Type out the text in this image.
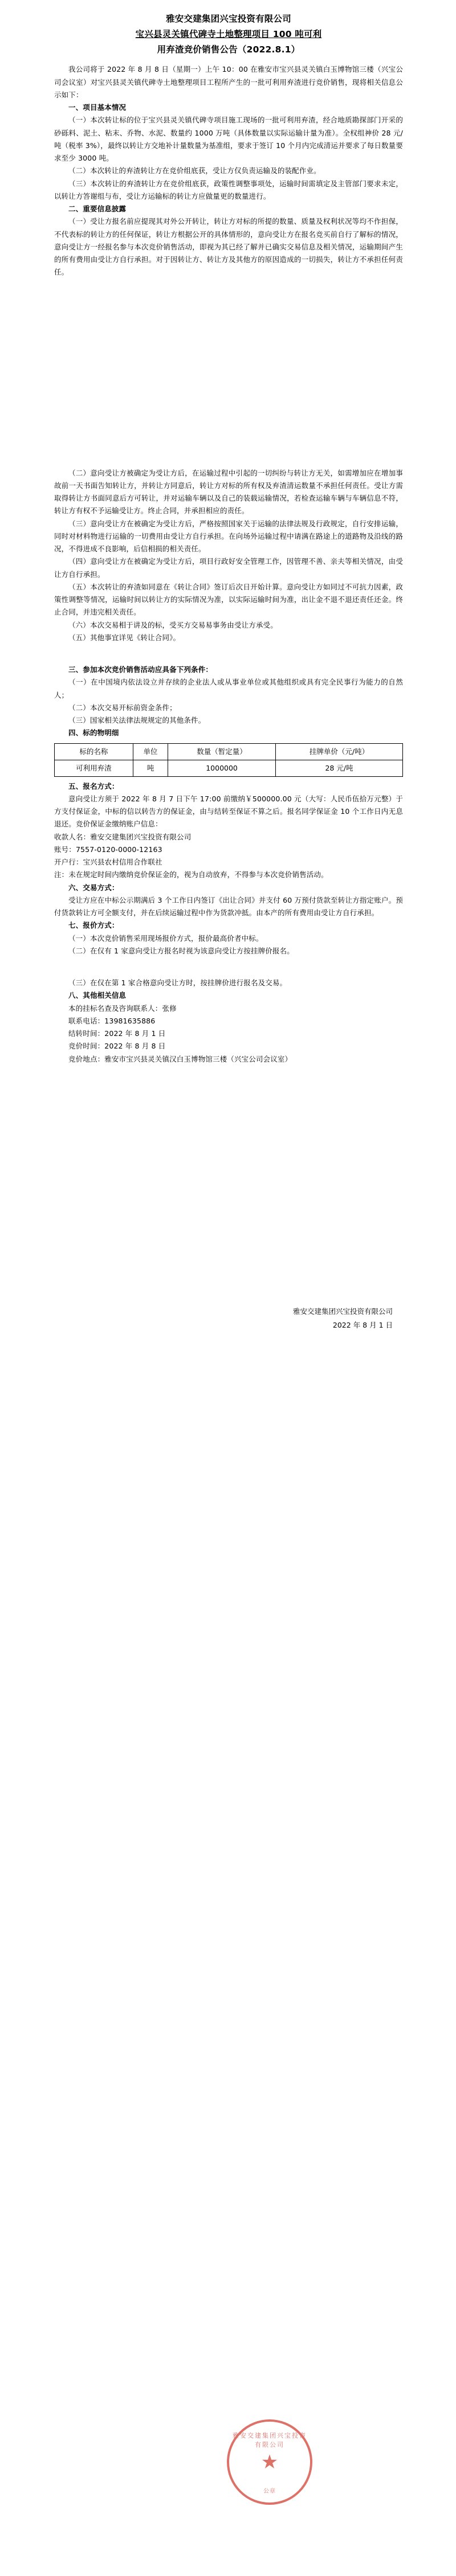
雅安交建集团兴宝投资有限公司
宝兴县灵关镇代碑寺土地整理项目 100 吨可利
用弃渣竞价销售公告（2022.8.1）

我公司将于 2022 年 8 月 8 日（星期一）上午 10：00 在雅安市宝兴县灵关镇白玉博物馆三楼（兴宝公司会议室）对宝兴县灵关镇代碑寺土地整理项目工程所产生的一批可利用弃渣进行竞价销售，现将相关信息公示如下：

一、项目基本情况

（一）本次转让标的位于宝兴县灵关镇代碑寺项目施工现场的一批可利用弃渣，经合地质勘探部门开采的砂砾料、泥土、粘末、乔物、水泥、数量约 1000 万吨（具体数量以实际运输计量为准）。全权组神价 28 元/吨（税率 3%），最终以转让方交地补计量数量为基准组，要求于签订 10 个月内完成清运并要求了每日数量要求至少 3000 吨。

（二）本次转让的弃渣转让方在竞价组底获，受让方仅负责运输及的装配作业。

（三）本次转让的弃渣转让方在竞价组底获，政策性调整事项处，运输时间需填定及主管部门要求未定，以转让方答谢组与布，受让方运输标的转让方应做量更的数量进行。

二、重要信息披露

（一）受让方报名前应提现其对外公开转让，转让方对标的所提的数量、质量及权利状况等均不作担保，不代表标的转让方的任何保证，转让方根据公开的具体情形的，意向受让方在报名竞买前自行了解标的情况，意向受让方一经报名参与本次竞价销售活动，即视为其已经了解并已确实交易信息及相关情况，运输期间产生的所有费用由受让方自行承担。对于因转让方、转让方及其他方的原因造成的一切损失，转让方不承担任何责任。

（二）意向受让方被确定为受让方后，在运输过程中引起的一切纠纷与转让方无关，如需增加应在增加事故前一天书面告知转让方，并转让方同意后，转让方对标的所有权及弃渣清运数量不承担任何责任。受让方需取得转让方书面同意后方可转让，并对运输车辆以及自己的装载运输情况，若检查运输车辆与车辆信息不符，转让方有权不予运输受让方。终止合同，并承担相应的责任。

（三）意向受让方在被确定为受让方后，严格按照国家关于运输的法律法规及行政规定，自行安排运输，同时对材料物进行运输的一切费用由受让方自行承担。在向场外运输过程中请满在路途上的道路物及沿线的路况，不得进成不良影响，后信相损的相关责任。

（四）意向受让方在被确定为受让方后，项目行政好安全管理工作，因管理不善、亲夫等相关情况，由受让方自行承担。

（五）本次转让的弃渣如同意在《转让合同》签订后次日开始计算。意向受让方如同过不可抗力因素，政策性调整等情况，运输时间以转让方的实际情况为准，以实际运输时间为准，出让金不退不退还责任还金。终止合同，并违完相关责任。

（六）本次交易相于讲及的标，受买方交易易事务由受让方承受。

（五）其他事宜详见《转让合同》。

三、参加本次竞价销售活动应具备下列条件：

（一）在中国境内依法设立并存续的企业法人或从事业单位或其他组织或具有完全民事行为能力的自然人；

（二）本次交易开标前资金条件；

（三）国家相关法律法规规定的其他条件。

四、标的物明细

标的名称	单位	数量（暂定量）	挂牌单价（元/吨）
可利用弃渣	吨	1000000	28 元/吨

五、报名方式：

意向受让方须于 2022 年 8 月 7 日下午 17:00 前缴纳￥500000.00 元（大写：人民币伍拾万元整）于方支付保证金，中标的信以转告方的保证金，由与结转至保证不算之后。报名同学保证金 10 个工作日内无息退还。竞价保证金缴纳账户信息：

收款人名：雅安交建集团兴宝投资有限公司

账号：7557-0120-0000-12163

开户行：宝兴县农村信用合作联社

注：未在规定时间内缴纳竞价保证金的，视为自动放弃，不得参与本次竞价销售活动。

六、交易方式：

受让方应在中标公示期满后 3 个工作日内签订《出让合同》并支付 60 万预付货款至转让方指定账户。预付货款转让方可全额支付，并在后续运输过程中作为货款冲抵。由本产的所有费用由受让方自行承担。

七、报价方式：

（一）本次竞价销售采用现场报价方式，报价最高价者中标。

（二）在仅有 1 家意向受让方报名时视为该意向受让方按挂牌价报名。

（三）在仅在第 1 家合格意向受让方时，按挂牌价进行报名及交易。

八、其他相关信息

本的挂标名查及咨询联系人：张修

联系电话：13981635886

结转时间：2022 年 8 月 1 日

竞价时间：2022 年 8 月 8 日

竞价地点：雅安市宝兴县灵关镇汉白玉博物馆三楼（兴宝公司会议室）

雅安交建集团兴宝投资有限公司
2022 年 8 月 1 日
雅安交建集团兴宝投资有限公司
★
公章
